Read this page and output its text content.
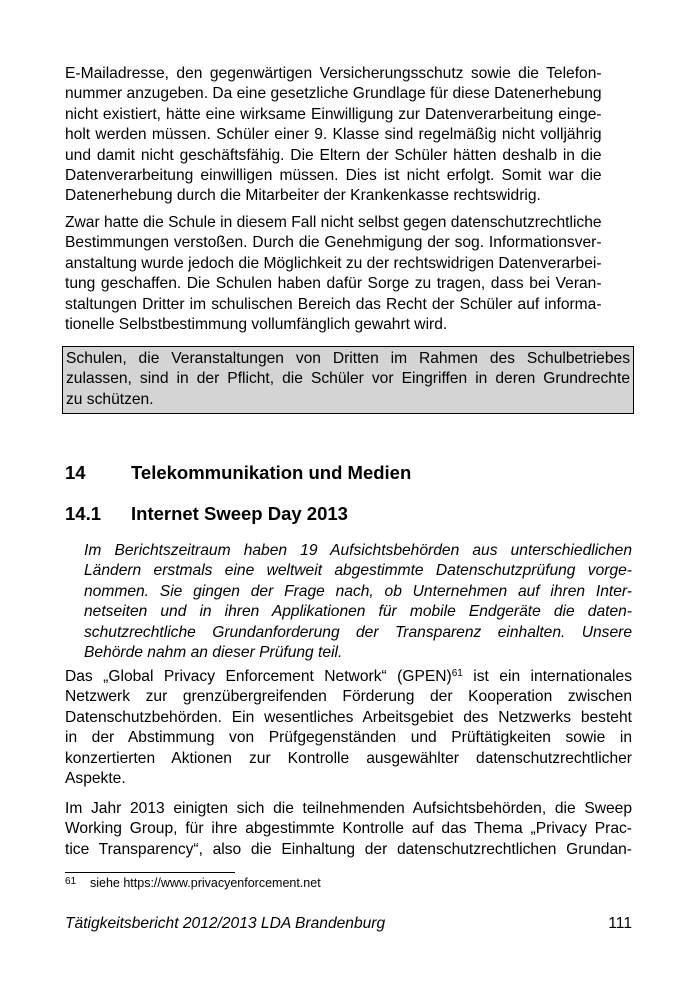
E-Mailadresse, den gegenwärtigen Versicherungsschutz sowie die Telefon-
nummer anzugeben. Da eine gesetzliche Grundlage für diese Datenerhebung
nicht existiert, hätte eine wirksame Einwilligung zur Datenverarbeitung einge-
holt werden müssen. Schüler einer 9. Klasse sind regelmäßig nicht volljährig
und damit nicht geschäftsfähig. Die Eltern der Schüler hätten deshalb in die
Datenverarbeitung einwilligen müssen. Dies ist nicht erfolgt. Somit war die
Datenerhebung durch die Mitarbeiter der Krankenkasse rechtswidrig.
Zwar hatte die Schule in diesem Fall nicht selbst gegen datenschutzrechtliche
Bestimmungen verstoßen. Durch die Genehmigung der sog. Informationsver-
anstaltung wurde jedoch die Möglichkeit zu der rechtswidrigen Datenverarbei-
tung geschaffen. Die Schulen haben dafür Sorge zu tragen, dass bei Veran-
staltungen Dritter im schulischen Bereich das Recht der Schüler auf informa-
tionelle Selbstbestimmung vollumfänglich gewahrt wird.
Schulen, die Veranstaltungen von Dritten im Rahmen des Schulbetriebes
zulassen, sind in der Pflicht, die Schüler vor Eingriffen in deren Grundrechte
zu schützen.
14 Telekommunikation und Medien
14.1 Internet Sweep Day 2013
Im Berichtszeitraum haben 19 Aufsichtsbehörden aus unterschiedlichen
Ländern erstmals eine weltweit abgestimmte Datenschutzprüfung vorge-
nommen. Sie gingen der Frage nach, ob Unternehmen auf ihren Inter-
netseiten und in ihren Applikationen für mobile Endgeräte die daten-
schutzrechtliche Grundanforderung der Transparenz einhalten. Unsere
Behörde nahm an dieser Prüfung teil.
Das „Global Privacy Enforcement Network“ (GPEN)$^{61}$ ist ein internationales
Netzwerk zur grenzübergreifenden Förderung der Kooperation zwischen
Datenschutzbehörden. Ein wesentliches Arbeitsgebiet des Netzwerks besteht
in der Abstimmung von Prüfgegenständen und Prüftätigkeiten sowie in
konzertierten Aktionen zur Kontrolle ausgewählter datenschutzrechtlicher
Aspekte.
Im Jahr 2013 einigten sich die teilnehmenden Aufsichtsbehörden, die Sweep
Working Group, für ihre abgestimmte Kontrolle auf das Thema „Privacy Prac-
tice Transparency“, also die Einhaltung der datenschutzrechtlichen Grundan-
61 siehe https://www.privacyenforcement.net
Tätigkeitsbericht 2012/2013 LDA Brandenburg	111
